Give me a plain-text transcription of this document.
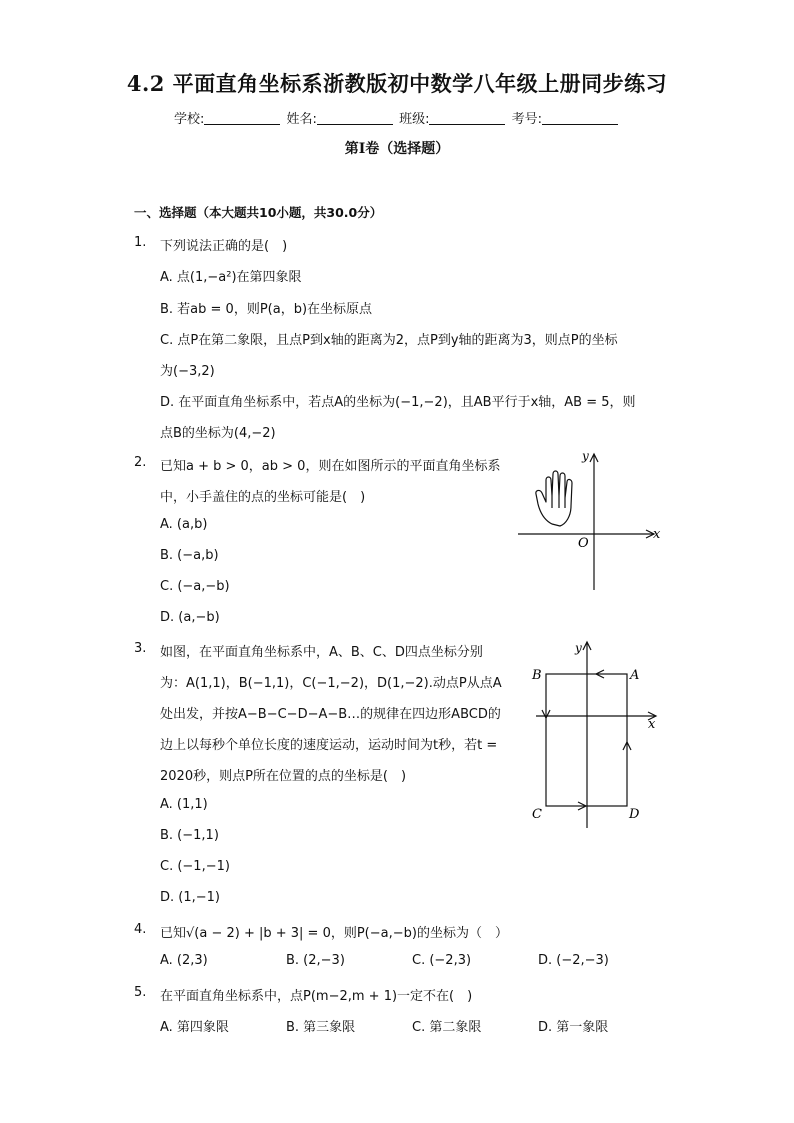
4.2 平面直角坐标系浙教版初中数学八年级上册同步练习
学校:	姓名:	班级:	考号:
第I卷（选择题）
一、选择题（本大题共10小题，共30.0分）
1. 下列说法正确的是(　)
A. 点(1,−a²)在第四象限
B. 若ab = 0，则P(a，b)在坐标原点
C. 点P在第二象限，且点P到x轴的距离为2，点P到y轴的距离为3，则点P的坐标
为(−3,2)
D. 在平面直角坐标系中，若点A的坐标为(−1,−2)，且AB平行于x轴，AB = 5，则
点B的坐标为(4,−2)
2. 已知a + b > 0，ab > 0，则在如图所示的平面直角坐标系
中，小手盖住的点的坐标可能是(　)
A. (a,b)
B. (−a,b)
C. (−a,−b)
D. (a,−b)
x
y
O
3. 如图，在平面直角坐标系中，A、B、C、D四点坐标分别
为：A(1,1)，B(−1,1)，C(−1,−2)，D(1,−2).动点P从点A
处出发，并按A−B−C−D−A−B…的规律在四边形ABCD的
边上以每秒个单位长度的速度运动，运动时间为t秒，若t =
2020秒，则点P所在位置的点的坐标是(　)
A. (1,1)
B. (−1,1)
C. (−1,−1)
D. (1,−1)
x
y
A
B
C	D
4. 已知√(a − 2) + |b + 3| = 0，则P(−a,−b)的坐标为（　）
A. (2,3)	B. (2,−3)	C. (−2,3)	D. (−2,−3)
5. 在平面直角坐标系中，点P(m−2,m + 1)一定不在(　)
A. 第四象限	B. 第三象限	C. 第二象限	D. 第一象限
